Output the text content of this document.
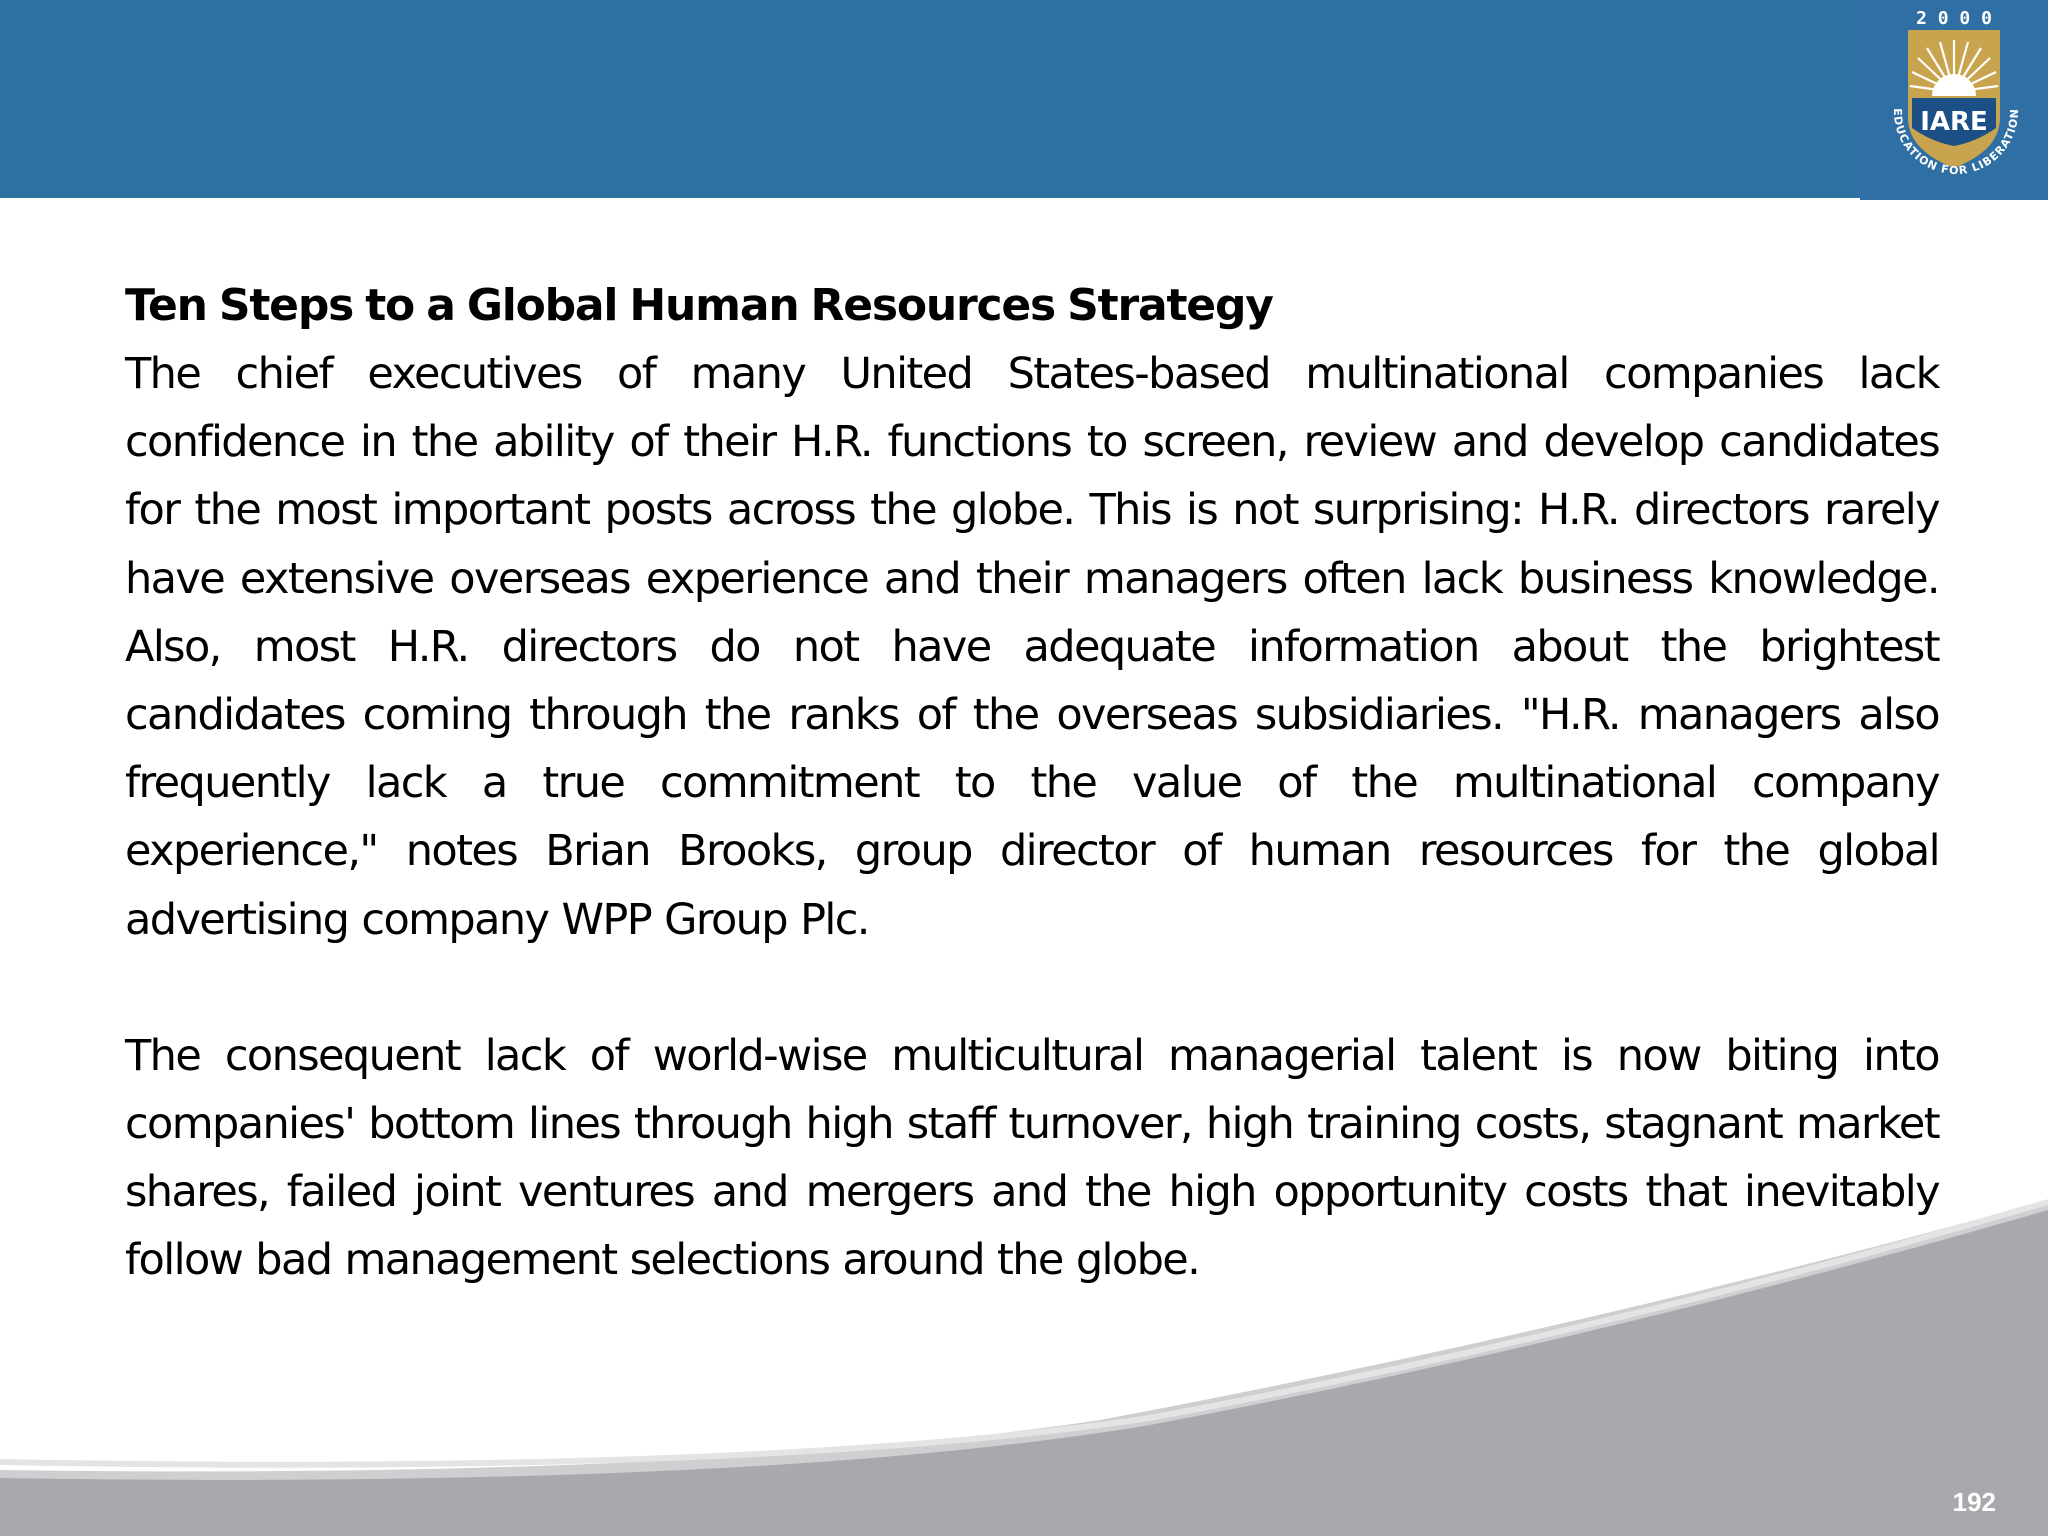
2 0 0 0
IARE
EDUCATION FOR LIBERATION
Ten Steps to a Global Human Resources Strategy

The chief executives of many United States-based multinational companies lack confidence in the ability of their H.R. functions to screen, review and develop candidates for the most important posts across the globe. This is not surprising: H.R. directors rarely have extensive overseas experience and their managers often lack business knowledge. Also, most H.R. directors do not have adequate information about the brightest candidates coming through the ranks of the overseas subsidiaries. "H.R. managers also frequently lack a true commitment to the value of the multinational company experience," notes Brian Brooks, group director of human resources for the global advertising company WPP Group Plc.

The consequent lack of world-wise multicultural managerial talent is now biting into companies' bottom lines through high staff turnover, high training costs, stagnant market shares, failed joint ventures and mergers and the high opportunity costs that inevitably follow bad management selections around the globe.

192
